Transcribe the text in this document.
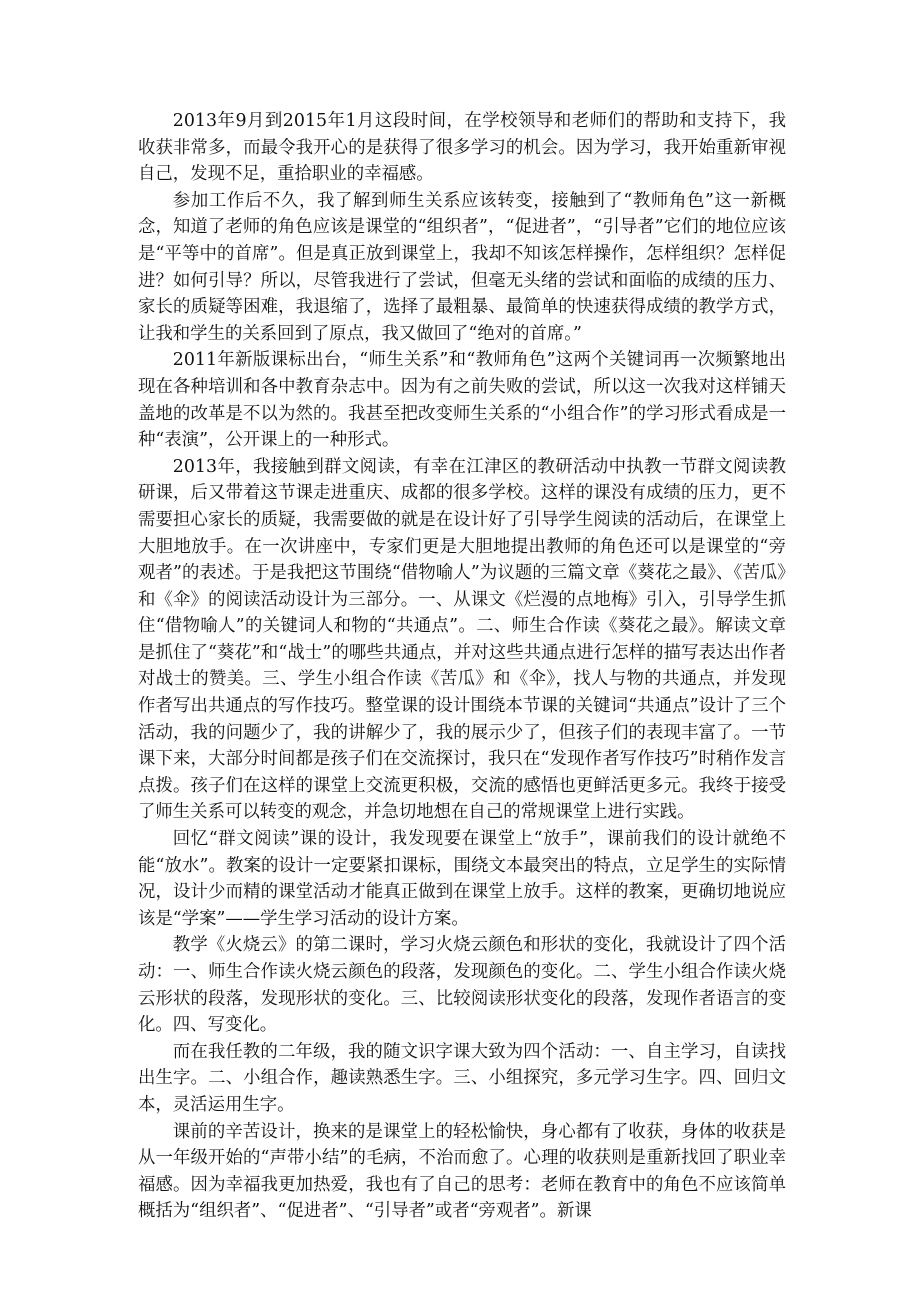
2013年9月到2015年1月这段时间，在学校领导和老师们的帮助和支持下，我收获非常多，而最令我开心的是获得了很多学习的机会。因为学习，我开始重新审视自己，发现不足，重拾职业的幸福感。

参加工作后不久，我了解到师生关系应该转变，接触到了“教师角色”这一新概念，知道了老师的角色应该是课堂的“组织者”，“促进者”，“引导者”它们的地位应该是“平等中的首席”。但是真正放到课堂上，我却不知该怎样操作，怎样组织？怎样促进？如何引导？所以，尽管我进行了尝试，但毫无头绪的尝试和面临的成绩的压力、家长的质疑等困难，我退缩了，选择了最粗暴、最简单的快速获得成绩的教学方式，让我和学生的关系回到了原点，我又做回了“绝对的首席。”

2011年新版课标出台，“师生关系”和“教师角色”这两个关键词再一次频繁地出现在各种培训和各中教育杂志中。因为有之前失败的尝试，所以这一次我对这样铺天盖地的改革是不以为然的。我甚至把改变师生关系的“小组合作”的学习形式看成是一种“表演”，公开课上的一种形式。

2013年，我接触到群文阅读，有幸在江津区的教研活动中执教一节群文阅读教研课，后又带着这节课走进重庆、成都的很多学校。这样的课没有成绩的压力，更不需要担心家长的质疑，我需要做的就是在设计好了引导学生阅读的活动后，在课堂上大胆地放手。在一次讲座中，专家们更是大胆地提出教师的角色还可以是课堂的“旁观者”的表述。于是我把这节围绕“借物喻人”为议题的三篇文章《葵花之最》、《苦瓜》和《伞》的阅读活动设计为三部分。一、从课文《烂漫的点地梅》引入，引导学生抓住“借物喻人”的关键词人和物的“共通点”。二、师生合作读《葵花之最》。解读文章是抓住了“葵花”和“战士”的哪些共通点，并对这些共通点进行怎样的描写表达出作者对战士的赞美。三、学生小组合作读《苦瓜》和《伞》，找人与物的共通点，并发现作者写出共通点的写作技巧。整堂课的设计围绕本节课的关键词“共通点”设计了三个活动，我的问题少了，我的讲解少了，我的展示少了，但孩子们的表现丰富了。一节课下来，大部分时间都是孩子们在交流探讨，我只在“发现作者写作技巧”时稍作发言点拨。孩子们在这样的课堂上交流更积极，交流的感悟也更鲜活更多元。我终于接受了师生关系可以转变的观念，并急切地想在自己的常规课堂上进行实践。

回忆“群文阅读”课的设计，我发现要在课堂上“放手”，课前我们的设计就绝不能“放水”。教案的设计一定要紧扣课标，围绕文本最突出的特点，立足学生的实际情况，设计少而精的课堂活动才能真正做到在课堂上放手。这样的教案，更确切地说应该是“学案”——学生学习活动的设计方案。

教学《火烧云》的第二课时，学习火烧云颜色和形状的变化，我就设计了四个活动：一、师生合作读火烧云颜色的段落，发现颜色的变化。二、学生小组合作读火烧云形状的段落，发现形状的变化。三、比较阅读形状变化的段落，发现作者语言的变化。四、写变化。

而在我任教的二年级，我的随文识字课大致为四个活动：一、自主学习，自读找出生字。二、小组合作，趣读熟悉生字。三、小组探究，多元学习生字。四、回归文本，灵活运用生字。

课前的辛苦设计，换来的是课堂上的轻松愉快，身心都有了收获，身体的收获是从一年级开始的“声带小结”的毛病，不治而愈了。心理的收获则是重新找回了职业幸福感。因为幸福我更加热爱，我也有了自己的思考：老师在教育中的角色不应该简单概括为“组织者”、“促进者”、“引导者”或者“旁观者”。新课
